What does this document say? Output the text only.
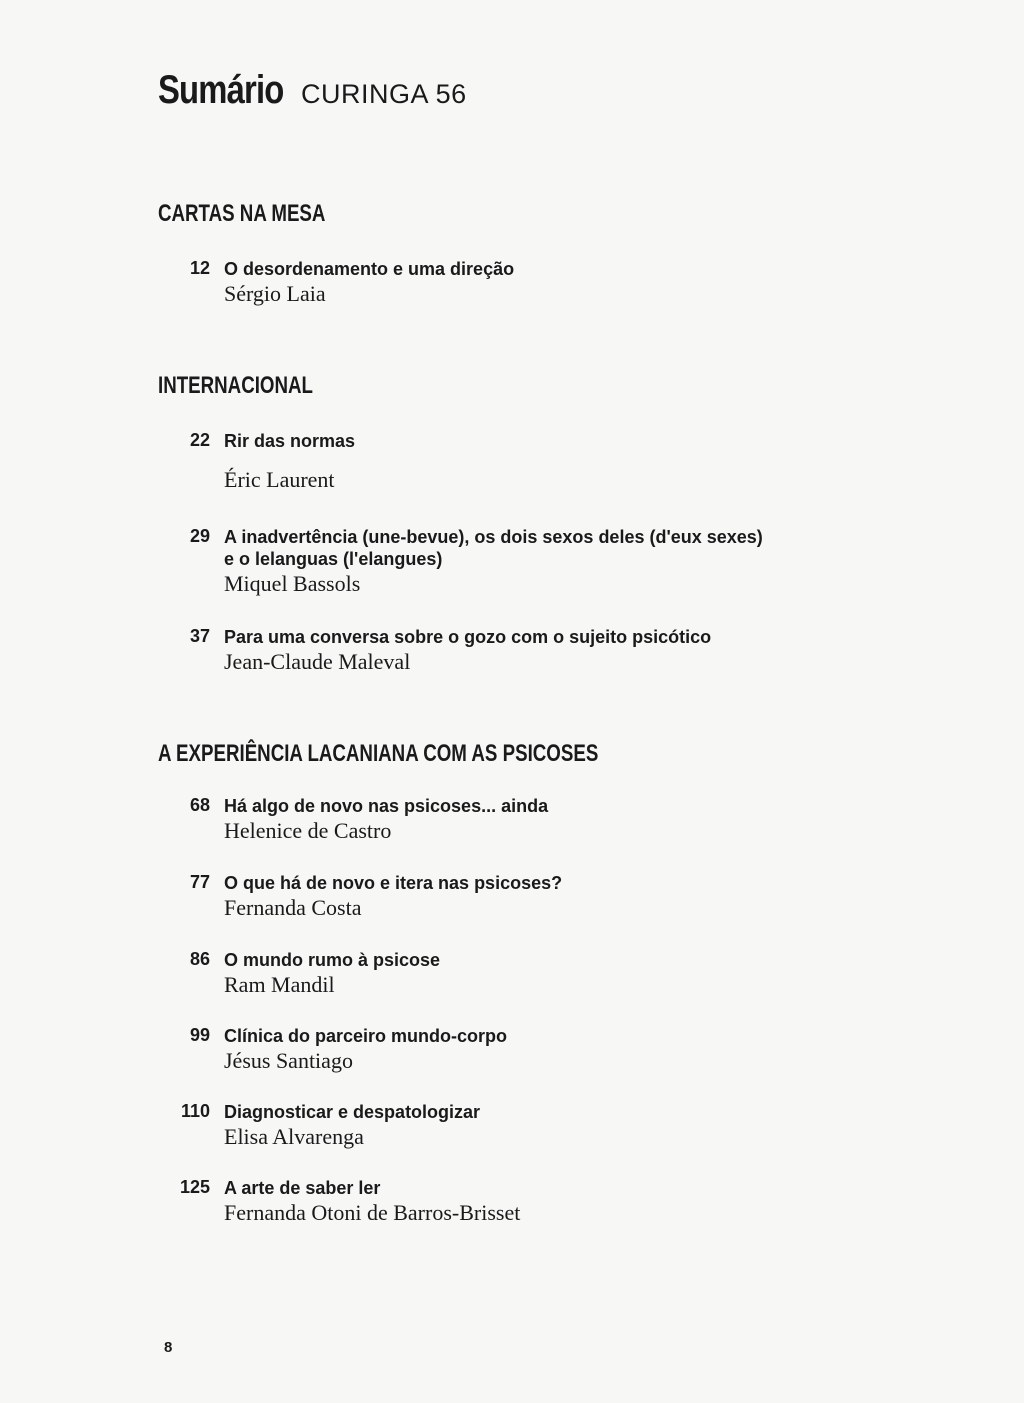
Sumário CURINGA 56
CARTAS NA MESA
12 O desordenamento e uma direção
Sérgio Laia
INTERNACIONAL
22 Rir das normas
Éric Laurent
29 A inadvertência (une-bevue), os dois sexos deles (d'eux sexes)
e o lelanguas (l'elangues)
Miquel Bassols
37 Para uma conversa sobre o gozo com o sujeito psicótico
Jean-Claude Maleval
A EXPERIÊNCIA LACANIANA COM AS PSICOSES
68 Há algo de novo nas psicoses... ainda
Helenice de Castro
77 O que há de novo e itera nas psicoses?
Fernanda Costa
86 O mundo rumo à psicose
Ram Mandil
99 Clínica do parceiro mundo-corpo
Jésus Santiago
110 Diagnosticar e despatologizar
Elisa Alvarenga
125 A arte de saber ler
Fernanda Otoni de Barros-Brisset
8
